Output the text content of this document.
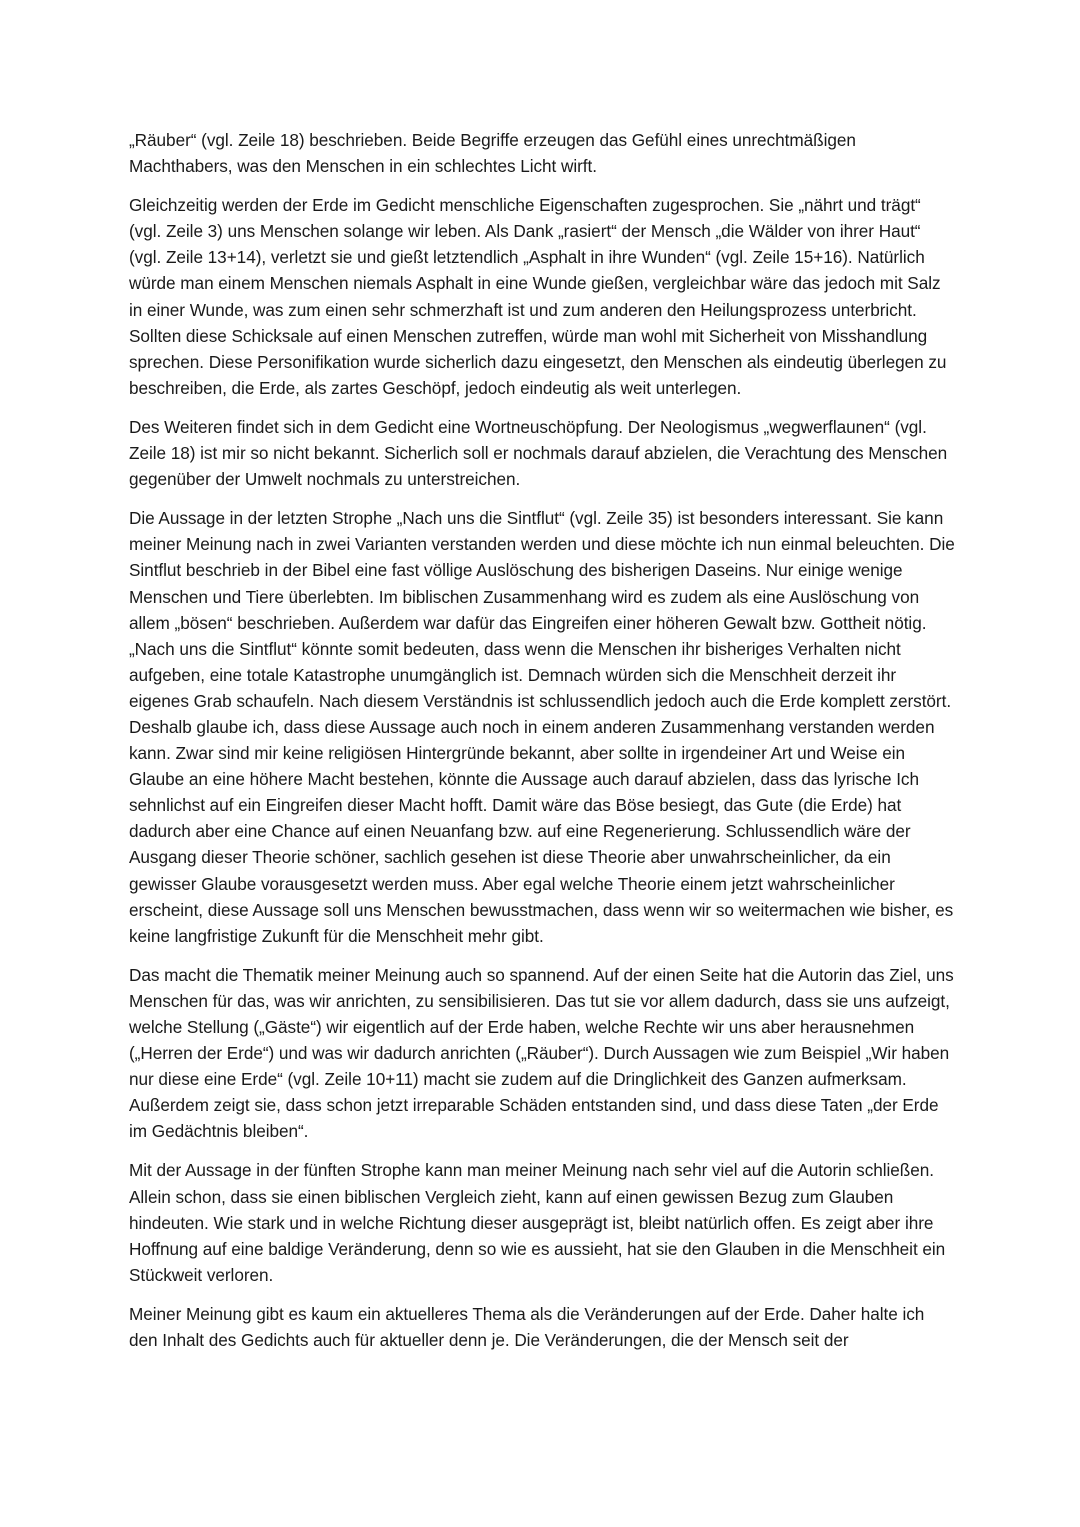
„Räuber“ (vgl. Zeile 18) beschrieben. Beide Begriffe erzeugen das Gefühl eines unrechtmäßigen Machthabers, was den Menschen in ein schlechtes Licht wirft.

Gleichzeitig werden der Erde im Gedicht menschliche Eigenschaften zugesprochen. Sie „nährt und trägt“ (vgl. Zeile 3) uns Menschen solange wir leben. Als Dank „rasiert“ der Mensch „die Wälder von ihrer Haut“ (vgl. Zeile 13+14), verletzt sie und gießt letztendlich „Asphalt in ihre Wunden“ (vgl. Zeile 15+16). Natürlich würde man einem Menschen niemals Asphalt in eine Wunde gießen, vergleichbar wäre das jedoch mit Salz in einer Wunde, was zum einen sehr schmerzhaft ist und zum anderen den Heilungsprozess unterbricht. Sollten diese Schicksale auf einen Menschen zutreffen, würde man wohl mit Sicherheit von Misshandlung sprechen. Diese Personifikation wurde sicherlich dazu eingesetzt, den Menschen als eindeutig überlegen zu beschreiben, die Erde, als zartes Geschöpf, jedoch eindeutig als weit unterlegen.

Des Weiteren findet sich in dem Gedicht eine Wortneuschöpfung. Der Neologismus „wegwerflaunen“ (vgl. Zeile 18) ist mir so nicht bekannt. Sicherlich soll er nochmals darauf abzielen, die Verachtung des Menschen gegenüber der Umwelt nochmals zu unterstreichen.

Die Aussage in der letzten Strophe „Nach uns die Sintflut“ (vgl. Zeile 35) ist besonders interessant. Sie kann meiner Meinung nach in zwei Varianten verstanden werden und diese möchte ich nun einmal beleuchten. Die Sintflut beschrieb in der Bibel eine fast völlige Auslöschung des bisherigen Daseins. Nur einige wenige Menschen und Tiere überlebten. Im biblischen Zusammenhang wird es zudem als eine Auslöschung von allem „bösen“ beschrieben. Außerdem war dafür das Eingreifen einer höheren Gewalt bzw. Gottheit nötig. „Nach uns die Sintflut“ könnte somit bedeuten, dass wenn die Menschen ihr bisheriges Verhalten nicht aufgeben, eine totale Katastrophe unumgänglich ist. Demnach würden sich die Menschheit derzeit ihr eigenes Grab schaufeln. Nach diesem Verständnis ist schlussendlich jedoch auch die Erde komplett zerstört. Deshalb glaube ich, dass diese Aussage auch noch in einem anderen Zusammenhang verstanden werden kann. Zwar sind mir keine religiösen Hintergründe bekannt, aber sollte in irgendeiner Art und Weise ein Glaube an eine höhere Macht bestehen, könnte die Aussage auch darauf abzielen, dass das lyrische Ich sehnlichst auf ein Eingreifen dieser Macht hofft. Damit wäre das Böse besiegt, das Gute (die Erde) hat dadurch aber eine Chance auf einen Neuanfang bzw. auf eine Regenerierung. Schlussendlich wäre der Ausgang dieser Theorie schöner, sachlich gesehen ist diese Theorie aber unwahrscheinlicher, da ein gewisser Glaube vorausgesetzt werden muss. Aber egal welche Theorie einem jetzt wahrscheinlicher erscheint, diese Aussage soll uns Menschen bewusstmachen, dass wenn wir so weitermachen wie bisher, es keine langfristige Zukunft für die Menschheit mehr gibt.

Das macht die Thematik meiner Meinung auch so spannend. Auf der einen Seite hat die Autorin das Ziel, uns Menschen für das, was wir anrichten, zu sensibilisieren. Das tut sie vor allem dadurch, dass sie uns aufzeigt, welche Stellung („Gäste“) wir eigentlich auf der Erde haben, welche Rechte wir uns aber herausnehmen („Herren der Erde“) und was wir dadurch anrichten („Räuber“). Durch Aussagen wie zum Beispiel „Wir haben nur diese eine Erde“ (vgl. Zeile 10+11) macht sie zudem auf die Dringlichkeit des Ganzen aufmerksam. Außerdem zeigt sie, dass schon jetzt irreparable Schäden entstanden sind, und dass diese Taten „der Erde im Gedächtnis bleiben“.

Mit der Aussage in der fünften Strophe kann man meiner Meinung nach sehr viel auf die Autorin schließen. Allein schon, dass sie einen biblischen Vergleich zieht, kann auf einen gewissen Bezug zum Glauben hindeuten. Wie stark und in welche Richtung dieser ausgeprägt ist, bleibt natürlich offen. Es zeigt aber ihre Hoffnung auf eine baldige Veränderung, denn so wie es aussieht, hat sie den Glauben in die Menschheit ein Stückweit verloren.

Meiner Meinung gibt es kaum ein aktuelleres Thema als die Veränderungen auf der Erde. Daher halte ich den Inhalt des Gedichts auch für aktueller denn je. Die Veränderungen, die der Mensch seit der
